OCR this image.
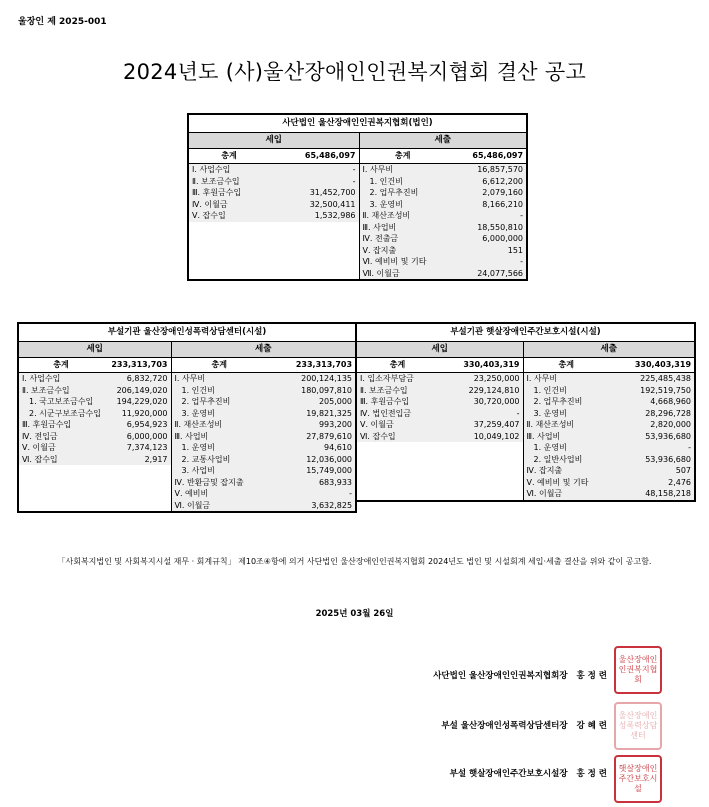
울장인 제 2025-001
2024년도 (사)울산장애인인권복지협회 결산 공고
사단법인 울산장애인인권복지협회(법인)			
세입		세출	
총계	65,486,097	총계	65,486,097
Ⅰ. 사업수입	-	Ⅰ. 사무비	16,857,570
Ⅱ. 보조금수입	-	1. 인건비	6,612,200
Ⅲ. 후원금수입	31,452,700	2. 업무추진비	2,079,160
Ⅳ. 이월금	32,500,411	3. 운영비	8,166,210
Ⅴ. 잡수입	1,532,986	Ⅱ. 재산조성비	-
		Ⅲ. 사업비	18,550,810
		Ⅳ. 전출금	6,000,000
		Ⅴ. 잡지출	151
		Ⅵ. 예비비 및 기타	-
		Ⅶ. 이월금	24,077,566
부설기관 울산장애인성폭력상담센터(시설)			
세입		세출	
총계	233,313,703	총계	233,313,703
Ⅰ. 사업수입	6,832,720	Ⅰ. 사무비	200,124,135
Ⅱ. 보조금수입	206,149,020	1. 인건비	180,097,810
1. 국고보조금수입	194,229,020	2. 업무추진비	205,000
2. 시군구보조금수입	11,920,000	3. 운영비	19,821,325
Ⅲ. 후원금수입	6,954,923	Ⅱ. 재산조성비	993,200
Ⅳ. 전입금	6,000,000	Ⅲ. 사업비	27,879,610
Ⅴ. 이월금	7,374,123	1. 운영비	94,610
Ⅵ. 잡수입	2,917	2. 교통사업비	12,036,000
		3. 사업비	15,749,000
		Ⅳ. 반환금및 잡지출	683,933
		Ⅴ. 예비비	-
		Ⅵ. 이월금	3,632,825
부설기관 햇살장애인주간보호시설(시설)			
세입		세출	
총계	330,403,319	총계	330,403,319
Ⅰ. 입소자부담금	23,250,000	Ⅰ. 사무비	225,485,438
Ⅱ. 보조금수입	229,124,810	1. 인건비	192,519,750
Ⅲ. 후원금수입	30,720,000	2. 업무추진비	4,668,960
Ⅳ. 법인전입금	-	3. 운영비	28,296,728
Ⅴ. 이월금	37,259,407	Ⅱ. 재산조성비	2,820,000
Ⅵ. 잡수입	10,049,102	Ⅲ. 사업비	53,936,680
		1. 운영비	-
		2. 일반사업비	53,936,680
		Ⅳ. 잡지출	507
		Ⅴ. 예비비 및 기타	2,476
		Ⅵ. 이월금	48,158,218
「사회복지법인 및 사회복지시설 재무 · 회계규칙」 제10조④항에 의거 사단법인 울산장애인인권복지협회 2024년도 법인 및 시설회계 세입·세출 결산을 위와 같이 공고함.
2025년 03월 26일
사단법인 울산장애인인권복지협회장 홍 정 련
울산장애인인권복지협회
부설 울산장애인성폭력상담센터장 강 혜 련
울산장애인성폭력상담센터
부설 햇살장애인주간보호시설장 홍 정 련
햇살장애인주간보호시설
